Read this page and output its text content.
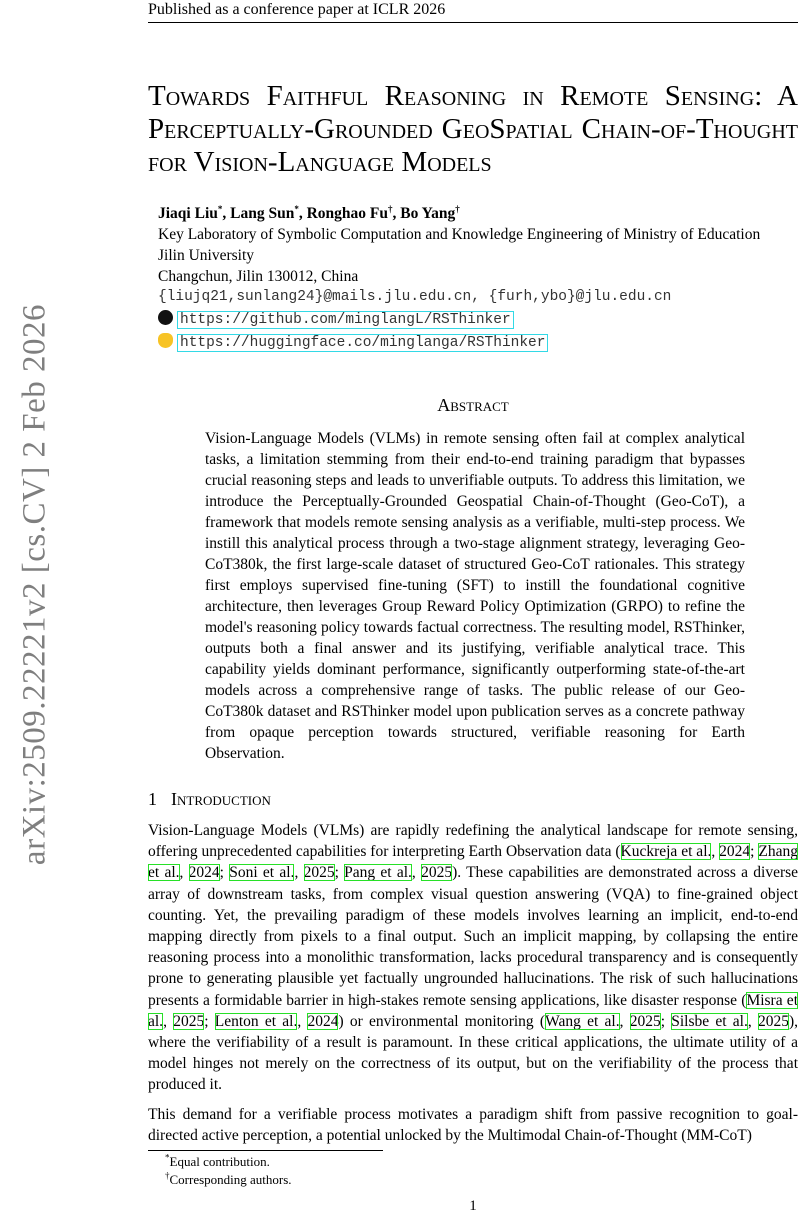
Published as a conference paper at ICLR 2026
arXiv:2509.22221v2 [cs.CV] 2 Feb 2026
Towards Faithful Reasoning in Remote Sensing: A Perceptually-Grounded GeoSpatial Chain-of-Thought for Vision-Language Models
Jiaqi Liu*, Lang Sun*, Ronghao Fu†, Bo Yang†
Key Laboratory of Symbolic Computation and Knowledge Engineering of Ministry of Education
Jilin University
Changchun, Jilin 130012, China
{liujq21,sunlang24}@mails.jlu.edu.cn, {furh,ybo}@jlu.edu.cn
https://github.com/minglangL/RSThinker
https://huggingface.co/minglanga/RSThinker
Abstract
Vision-Language Models (VLMs) in remote sensing often fail at complex analytical tasks, a limitation stemming from their end-to-end training paradigm that bypasses crucial reasoning steps and leads to unverifiable outputs. To address this limitation, we introduce the Perceptually-Grounded Geospatial Chain-of-Thought (Geo-CoT), a framework that models remote sensing analysis as a verifiable, multi-step process. We instill this analytical process through a two-stage alignment strategy, leveraging Geo-CoT380k, the first large-scale dataset of structured Geo-CoT rationales. This strategy first employs supervised fine-tuning (SFT) to instill the foundational cognitive architecture, then leverages Group Reward Policy Optimization (GRPO) to refine the model's reasoning policy towards factual correctness. The resulting model, RSThinker, outputs both a final answer and its justifying, verifiable analytical trace. This capability yields dominant performance, significantly outperforming state-of-the-art models across a comprehensive range of tasks. The public release of our Geo-CoT380k dataset and RSThinker model upon publication serves as a concrete pathway from opaque perception towards structured, verifiable reasoning for Earth Observation.
1 Introduction
Vision-Language Models (VLMs) are rapidly redefining the analytical landscape for remote sensing, offering unprecedented capabilities for interpreting Earth Observation data (Kuckreja et al., 2024; Zhang et al., 2024; Soni et al., 2025; Pang et al., 2025). These capabilities are demonstrated across a diverse array of downstream tasks, from complex visual question answering (VQA) to fine-grained object counting. Yet, the prevailing paradigm of these models involves learning an implicit, end-to-end mapping directly from pixels to a final output. Such an implicit mapping, by collapsing the entire reasoning process into a monolithic transformation, lacks procedural transparency and is consequently prone to generating plausible yet factually ungrounded hallucinations. The risk of such hallucinations presents a formidable barrier in high-stakes remote sensing applications, like disaster response (Misra et al., 2025; Lenton et al., 2024) or environmental monitoring (Wang et al., 2025; Silsbe et al., 2025), where the verifiability of a result is paramount. In these critical applications, the ultimate utility of a model hinges not merely on the correctness of its output, but on the verifiability of the process that produced it.
This demand for a verifiable process motivates a paradigm shift from passive recognition to goal-directed active perception, a potential unlocked by the Multimodal Chain-of-Thought (MM-CoT)
*Equal contribution.
†Corresponding authors.
1
